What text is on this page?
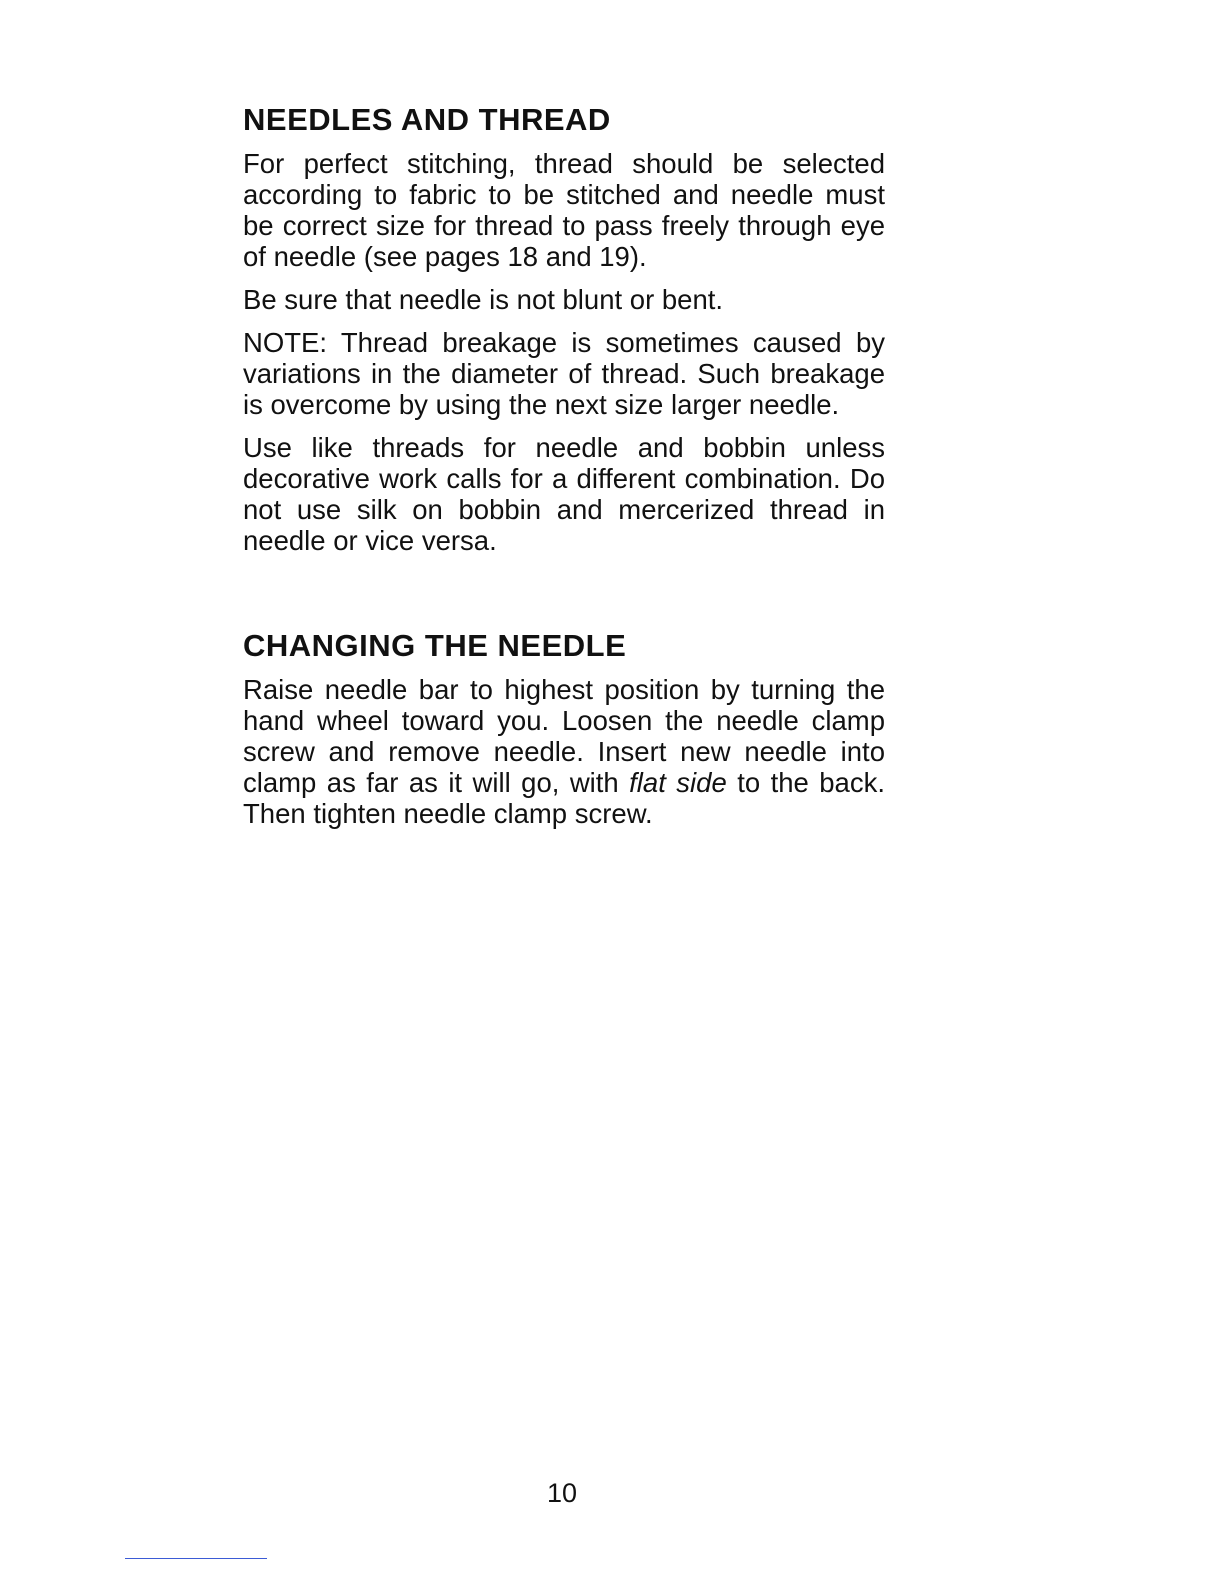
NEEDLES AND THREAD

For perfect stitching, thread should be selected according to fabric to be stitched and needle must be correct size for thread to pass freely through eye of needle (see pages 18 and 19).

Be sure that needle is not blunt or bent.

NOTE: Thread breakage is sometimes caused by variations in the diameter of thread. Such breakage is overcome by using the next size larger needle.

Use like threads for needle and bobbin unless decorative work calls for a different combination. Do not use silk on bobbin and mercerized thread in needle or vice versa.

CHANGING THE NEEDLE

Raise needle bar to highest position by turning the hand wheel toward you. Loosen the needle clamp screw and remove needle. Insert new needle into clamp as far as it will go, with flat side to the back. Then tighten needle clamp screw.

10
